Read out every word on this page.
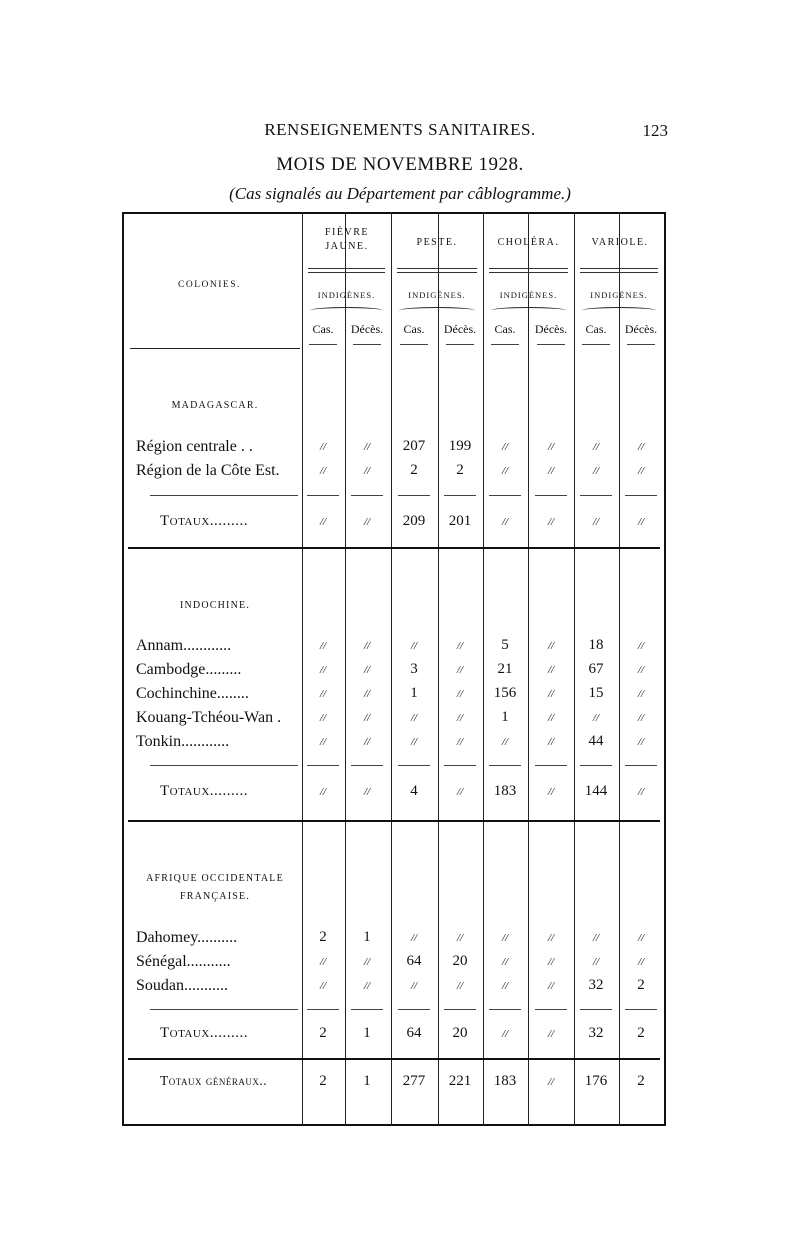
RENSEIGNEMENTS SANITAIRES.	123
MOIS DE NOVEMBRE 1928.
(Cas signalés au Département par câblogramme.)
COLONIES.
FIÈVRE JAUNE.
INDIGÈNES.
PESTE.
INDIGÈNES.
CHOLÉRA.
INDIGÈNES.
VARIOLE.
INDIGÈNES.
Cas.	Décès.	Cas.	Décès.	Cas.	Décès.	Cas.	Décès.
MADAGASCAR.
Région centrale . .	//	//	207	199	//	//	//	//
Région de la Côte Est.	//	//	2	2	//	//	//	//
Totaux.........	//	//	209	201	//	//	//	//
INDOCHINE.
Annam............	//	//	//	//	5	//	18	//
Cambodge.........	//	//	3	//	21	//	67	//
Cochinchine........	//	//	1	//	156	//	15	//
Kouang-Tchéou-Wan .	//	//	//	//	1	//	//	//
Tonkin............	//	//	//	//	//	//	44	//
Totaux.........	//	//	4	//	183	//	144	//
AFRIQUE OCCIDENTALE FRANÇAISE.
Dahomey..........	2	1	//	//	//	//	//	//
Sénégal...........	//	//	64	20	//	//	//	//
Soudan...........	//	//	//	//	//	//	32	2
Totaux.........	2	1	64	20	//	//	32	2
Totaux généraux..	2	1	277	221	183	//	176	2
